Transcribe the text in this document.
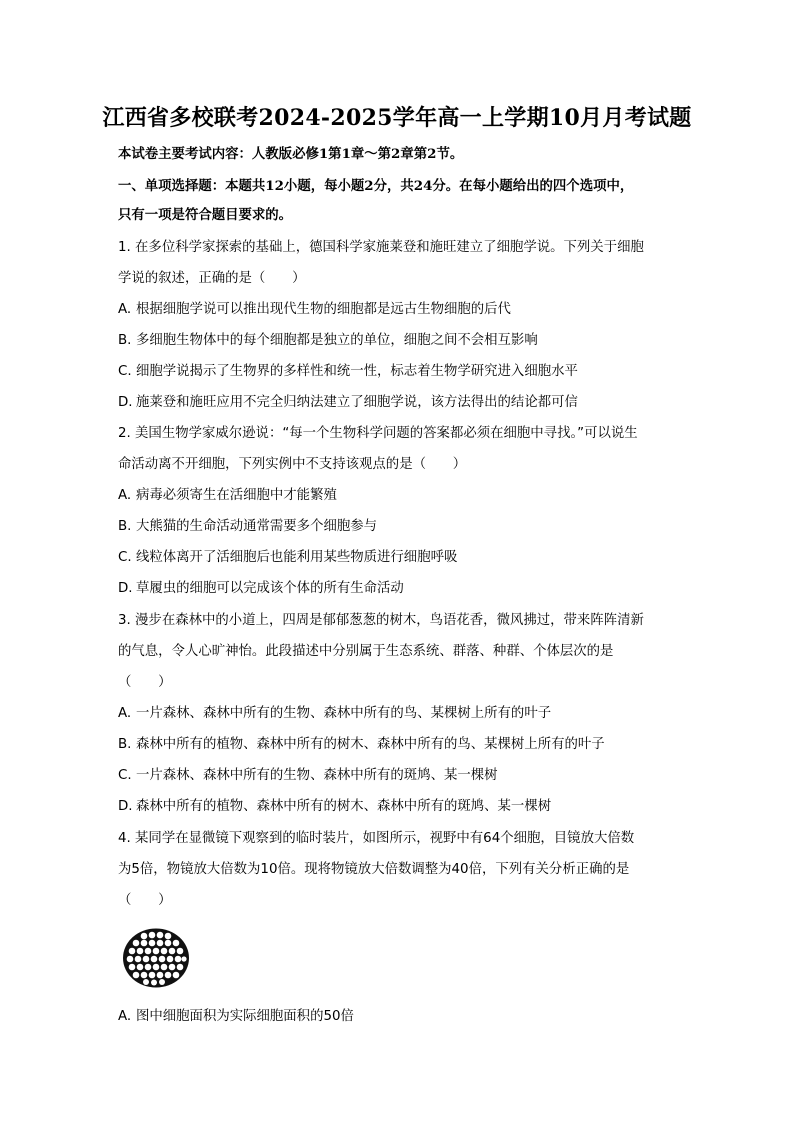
江西省多校联考2024-2025学年高一上学期10月月考试题
本试卷主要考试内容：人教版必修1第1章～第2章第2节。
一、单项选择题：本题共12小题，每小题2分，共24分。在每小题给出的四个选项中，
只有一项是符合题目要求的。
1. 在多位科学家探索的基础上，德国科学家施莱登和施旺建立了细胞学说。下列关于细胞
学说的叙述，正确的是（　　）
A. 根据细胞学说可以推出现代生物的细胞都是远古生物细胞的后代
B. 多细胞生物体中的每个细胞都是独立的单位，细胞之间不会相互影响
C. 细胞学说揭示了生物界的多样性和统一性，标志着生物学研究进入细胞水平
D. 施莱登和施旺应用不完全归纳法建立了细胞学说，该方法得出的结论都可信
2. 美国生物学家威尔逊说：“每一个生物科学问题的答案都必须在细胞中寻找。”可以说生
命活动离不开细胞，下列实例中不支持该观点的是（　　）
A. 病毒必须寄生在活细胞中才能繁殖
B. 大熊猫的生命活动通常需要多个细胞参与
C. 线粒体离开了活细胞后也能利用某些物质进行细胞呼吸
D. 草履虫的细胞可以完成该个体的所有生命活动
3. 漫步在森林中的小道上，四周是郁郁葱葱的树木，鸟语花香，微风拂过，带来阵阵清新
的气息，令人心旷神怡。此段描述中分别属于生态系统、群落、种群、个体层次的是
（　　）
A. 一片森林、森林中所有的生物、森林中所有的鸟、某棵树上所有的叶子
B. 森林中所有的植物、森林中所有的树木、森林中所有的鸟、某棵树上所有的叶子
C. 一片森林、森林中所有的生物、森林中所有的斑鸠、某一棵树
D. 森林中所有的植物、森林中所有的树木、森林中所有的斑鸠、某一棵树
4. 某同学在显微镜下观察到的临时装片，如图所示，视野中有64个细胞，目镜放大倍数
为5倍，物镜放大倍数为10倍。现将物镜放大倍数调整为40倍，下列有关分析正确的是
（　　）
A. 图中细胞面积为实际细胞面积的50倍
